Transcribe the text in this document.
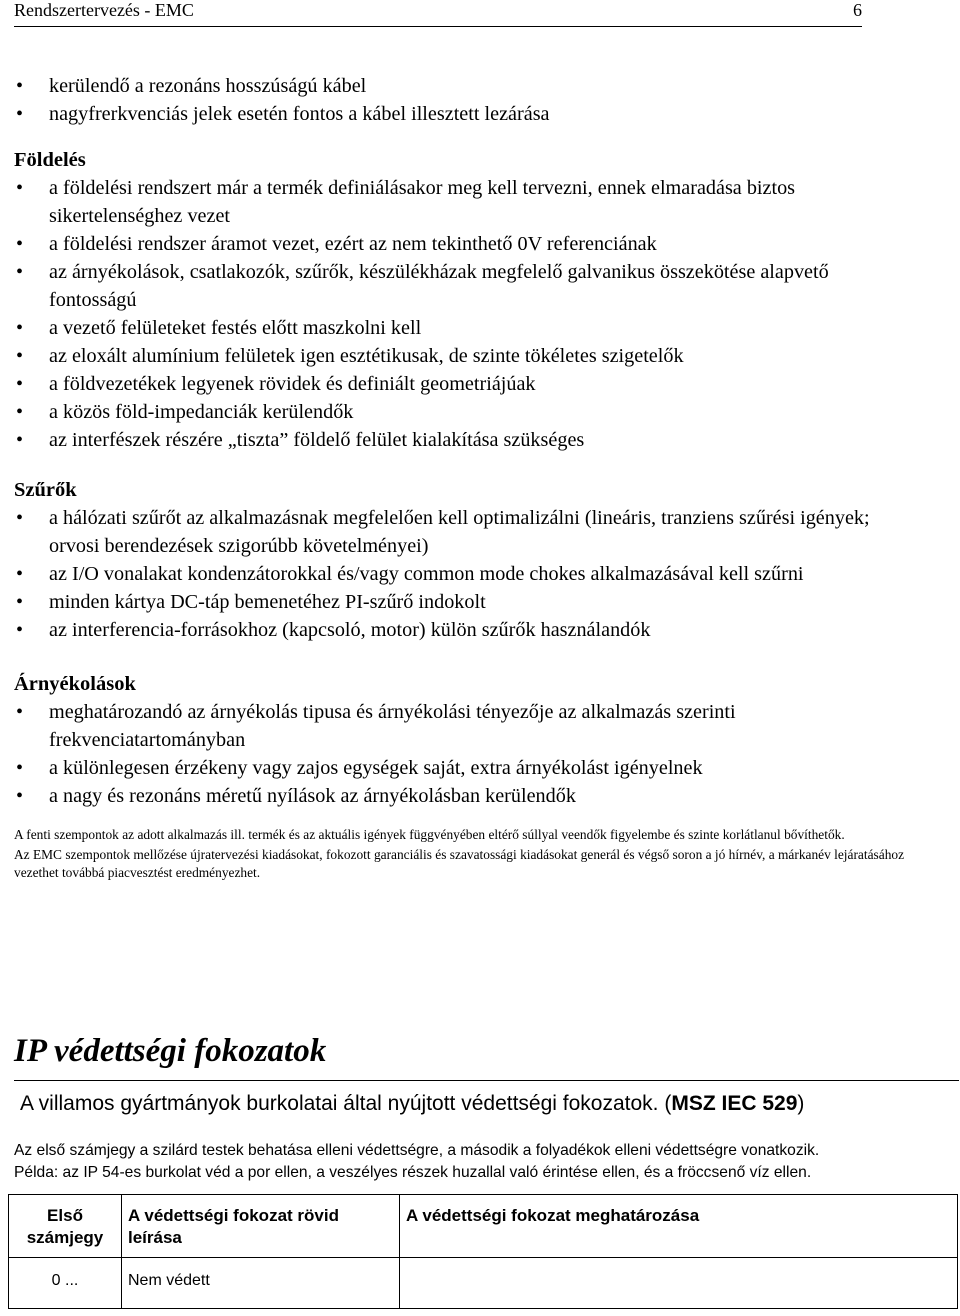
Rendszertervezés - EMC	6
• kerülendő a rezonáns hosszúságú kábel
• nagyfrerkvenciás jelek esetén fontos a kábel illesztett lezárása
Földelés
• a földelési rendszert már a termék definiálásakor meg kell tervezni, ennek elmaradása biztos sikertelenséghez vezet
• a földelési rendszer áramot vezet, ezért az nem tekinthető 0V referenciának
• az árnyékolások, csatlakozók, szűrők, készülékházak megfelelő galvanikus összekötése alapvető fontosságú
• a vezető felületeket festés előtt maszkolni kell
• az eloxált alumínium felületek igen esztétikusak, de szinte tökéletes szigetelők
• a földvezetékek legyenek rövidek és definiált geometriájúak
• a közös föld-impedanciák kerülendők
• az interfészek részére „tiszta” földelő felület kialakítása szükséges
Szűrők
• a hálózati szűrőt az alkalmazásnak megfelelően kell optimalizálni (lineáris, tranziens szűrési igények; orvosi berendezések szigorúbb követelményei)
• az I/O vonalakat kondenzátorokkal és/vagy common mode chokes alkalmazásával kell szűrni
• minden kártya DC-táp bemenetéhez PI-szűrő indokolt
• az interferencia-forrásokhoz (kapcsoló, motor) külön szűrők használandók
Árnyékolások
• meghatározandó az árnyékolás tipusa és árnyékolási tényezője az alkalmazás szerinti frekvenciatartományban
• a különlegesen érzékeny vagy zajos egységek saját, extra árnyékolást igényelnek
• a nagy és rezonáns méretű nyílások az árnyékolásban kerülendők

A fenti szempontok az adott alkalmazás ill. termék és az aktuális igények függvényében eltérő súllyal veendők figyelembe és szinte korlátlanul bővíthetők.

Az EMC szempontok mellőzése újratervezési kiadásokat, fokozott garanciális és szavatossági kiadásokat generál és végső soron a jó hírnév, a márkanév lejáratásához vezethet továbbá piacvesztést eredményezhet.

IP védettségi fokozatok
A villamos gyártmányok burkolatai által nyújtott védettségi fokozatok. (MSZ IEC 529)
Az első számjegy a szilárd testek behatása elleni védettségre, a második a folyadékok elleni védettségre vonatkozik.
Példa: az IP 54-es burkolat véd a por ellen, a veszélyes részek huzallal való érintése ellen, és a fröccsenő víz ellen.
Első számjegy	A védettségi fokozat rövid leírása	A védettségi fokozat meghatározása
0 ...	Nem védett	
